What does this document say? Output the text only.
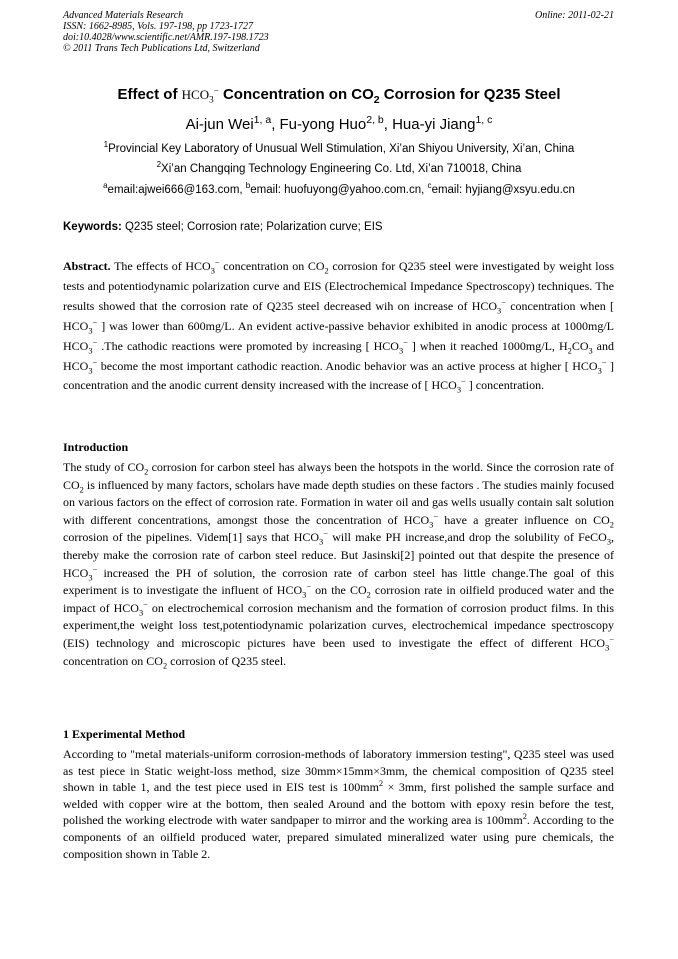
Advanced Materials Research
ISSN: 1662-8985, Vols. 197-198, pp 1723-1727
doi:10.4028/www.scientific.net/AMR.197-198.1723
© 2011 Trans Tech Publications Ltd, Switzerland
Online: 2011-02-21
Effect of $HCO_3^-$ Concentration on $CO_2$ Corrosion for Q235 Steel
Ai-jun Wei$^{1, a}$, Fu-yong Huo$^{2, b}$, Hua-yi Jiang$^{1, c}$
$^1$Provincial Key Laboratory of Unusual Well Stimulation, Xi’an Shiyou University, Xi’an, China
$^2$Xi’an Changqing Technology Engineering Co. Ltd, Xi’an 710018, China
$^a$email:ajwei666@163.com, $^b$email: huofuyong@yahoo.com.cn, $^c$email: hyjiang@xsyu.edu.cn
Keywords: Q235 steel; Corrosion rate; Polarization curve; EIS
Abstract. The effects of $HCO_3^-$ concentration on $CO_2$ corrosion for Q235 steel were investigated by weight loss tests and potentiodynamic polarization curve and EIS (Electrochemical Impedance Spectroscopy) techniques. The results showed that the corrosion rate of Q235 steel decreased wih on increase of $HCO_3^-$ concentration when [ $HCO_3^-$ ] was lower than 600mg/L. An evident active-passive behavior exhibited in anodic process at 1000mg/L $HCO_3^-$ .The cathodic reactions were promoted by increasing [ $HCO_3^-$ ] when it reached 1000mg/L, $H_2CO_3$ and $HCO_3^-$ become the most important cathodic reaction. Anodic behavior was an active process at higher [ $HCO_3^-$ ] concentration and the anodic current density increased with the increase of [ $HCO_3^-$ ] concentration.
Introduction
The study of $CO_2$ corrosion for carbon steel has always been the hotspots in the world. Since the corrosion rate of $CO_2$ is influenced by many factors, scholars have made depth studies on these factors . The studies mainly focused on various factors on the effect of corrosion rate. Formation in water oil and gas wells usually contain salt solution with different concentrations, amongst those the concentration of $HCO_3^-$ have a greater influence on $CO_2$ corrosion of the pipelines. Videm[1] says that $HCO_3^-$ will make PH increase,and drop the solubility of FeCO$_3$, thereby make the corrosion rate of carbon steel reduce. But Jasinski[2] pointed out that despite the presence of $HCO_3^-$ increased the PH of solution, the corrosion rate of carbon steel has little change.The goal of this experiment is to investigate the influent of $HCO_3^-$ on the $CO_2$ corrosion rate in oilfield produced water and the impact of $HCO_3^-$ on electrochemical corrosion mechanism and the formation of corrosion product films. In this experiment,the weight loss test,potentiodynamic polarization curves, electrochemical impedance spectroscopy (EIS) technology and microscopic pictures have been used to investigate the effect of different $HCO_3^-$ concentration on $CO_2$ corrosion of Q235 steel.
1 Experimental Method
According to "metal materials-uniform corrosion-methods of laboratory immersion testing", Q235 steel was used as test piece in Static weight-loss method, size 30mm×15mm×3mm, the chemical composition of Q235 steel shown in table 1, and the test piece used in EIS test is $100mm^2 \times 3mm$, first polished the sample surface and welded with copper wire at the bottom, then sealed Around and the bottom with epoxy resin before the test, polished the working electrode with water sandpaper to mirror and the working area is $100mm^2$. According to the components of an oilfield produced water, prepared simulated mineralized water using pure chemicals, the composition shown in Table 2.
